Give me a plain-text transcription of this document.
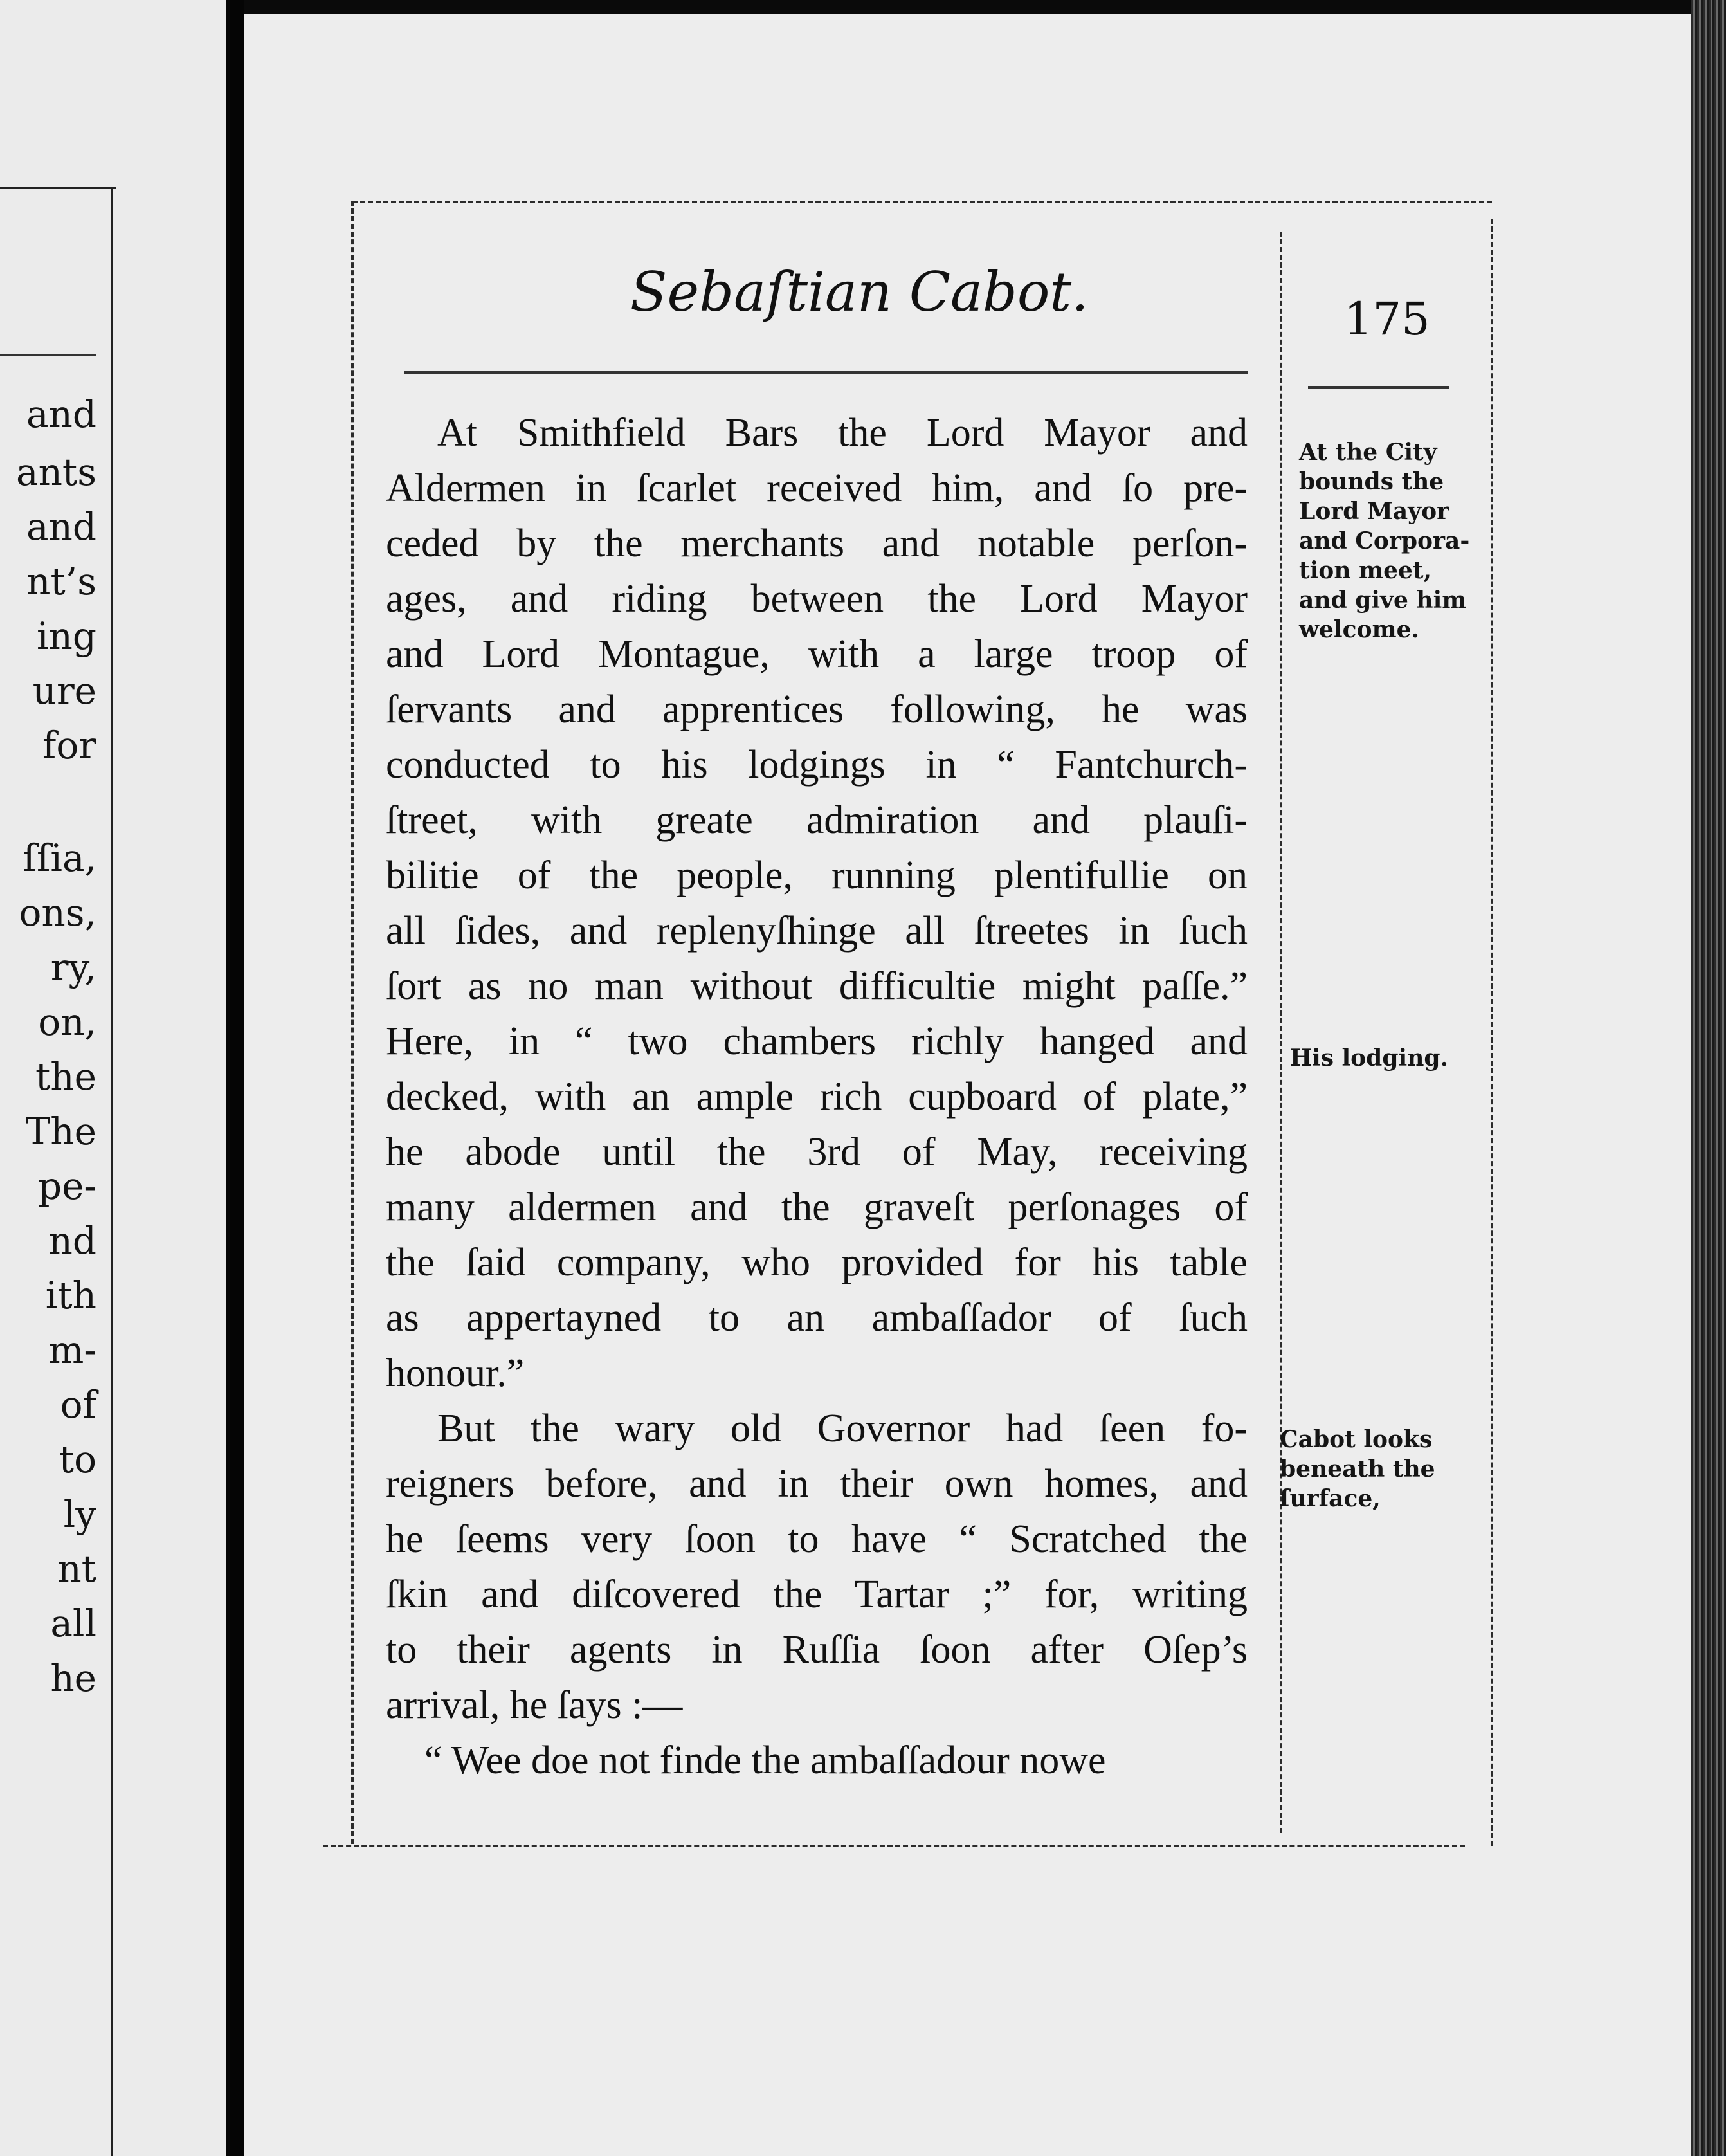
and
ants
and
nt’s
ing
ure
for
ſſia,
ons,
ry,
on,
the
The
pe-
nd
ith
m-
of
to
ly
nt
all
he
Sebaſtian Cabot.	175
At Smithfield Bars the Lord Mayor and
Aldermen in ſcarlet received him, and ſo pre-
ceded by the merchants and notable perſon-
ages, and riding between the Lord Mayor
and Lord Montague, with a large troop of
ſervants and apprentices following, he was
conducted to his lodgings in “ Fantchurch-
ſtreet, with greate admiration and plauſi-
bilitie of the people, running plentifullie on
all ſides, and replenyſhinge all ſtreetes in ſuch
ſort as no man without difficultie might paſſe.”
Here, in “ two chambers richly hanged and
decked, with an ample rich cupboard of plate,”
he abode until the 3rd of May, receiving
many aldermen and the graveſt perſonages of
the ſaid company, who provided for his table
as appertayned to an ambaſſador of ſuch
honour.”
But the wary old Governor had ſeen fo-
reigners before, and in their own homes, and
he ſeems very ſoon to have “ Scratched the
ſkin and diſcovered the Tartar ;” for, writing
to their agents in Ruſſia ſoon after Oſep’s
arrival, he ſays :—
“ Wee doe not finde the ambaſſadour nowe
At the City
bounds the
Lord Mayor
and Corpora-
tion meet,
and give him
welcome.
His lodging.
Cabot looks
beneath the
ſurface,
